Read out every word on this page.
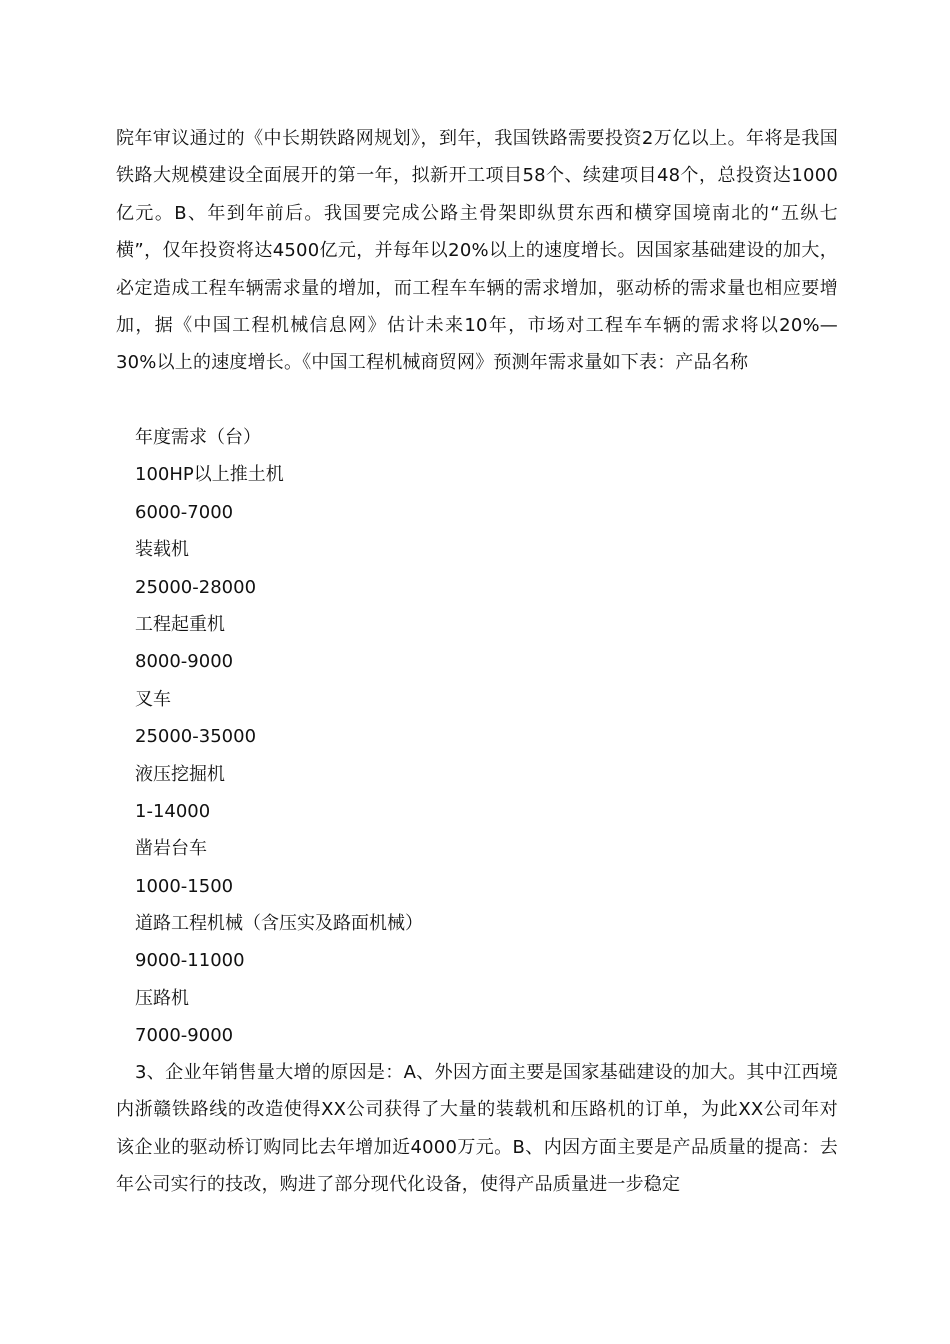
院年审议通过的《中长期铁路网规划》，到年，我国铁路需要投资2万亿以上。年将是我国铁路大规模建设全面展开的第一年，拟新开工项目58个、续建项目48个，总投资达1000亿元。B、年到年前后。我国要完成公路主骨架即纵贯东西和横穿国境南北的“五纵七横”，仅年投资将达4500亿元，并每年以20%以上的速度增长。因国家基础建设的加大，必定造成工程车辆需求量的增加，而工程车车辆的需求增加，驱动桥的需求量也相应要增加，据《中国工程机械信息网》估计未来10年，市场对工程车车辆的需求将以20%—30%以上的速度增长。《中国工程机械商贸网》预测年需求量如下表：产品名称

年度需求（台）
100HP以上推土机
6000-7000
装载机
25000-28000
工程起重机
8000-9000
叉车
25000-35000
液压挖掘机
1-14000
凿岩台车
1000-1500
道路工程机械（含压实及路面机械）
9000-11000
压路机
7000-9000

3、企业年销售量大增的原因是：A、外因方面主要是国家基础建设的加大。其中江西境内浙赣铁路线的改造使得XX公司获得了大量的装载机和压路机的订单，为此XX公司年对该企业的驱动桥订购同比去年增加近4000万元。B、内因方面主要是产品质量的提高：去年公司实行的技改，购进了部分现代化设备，使得产品质量进一步稳定
